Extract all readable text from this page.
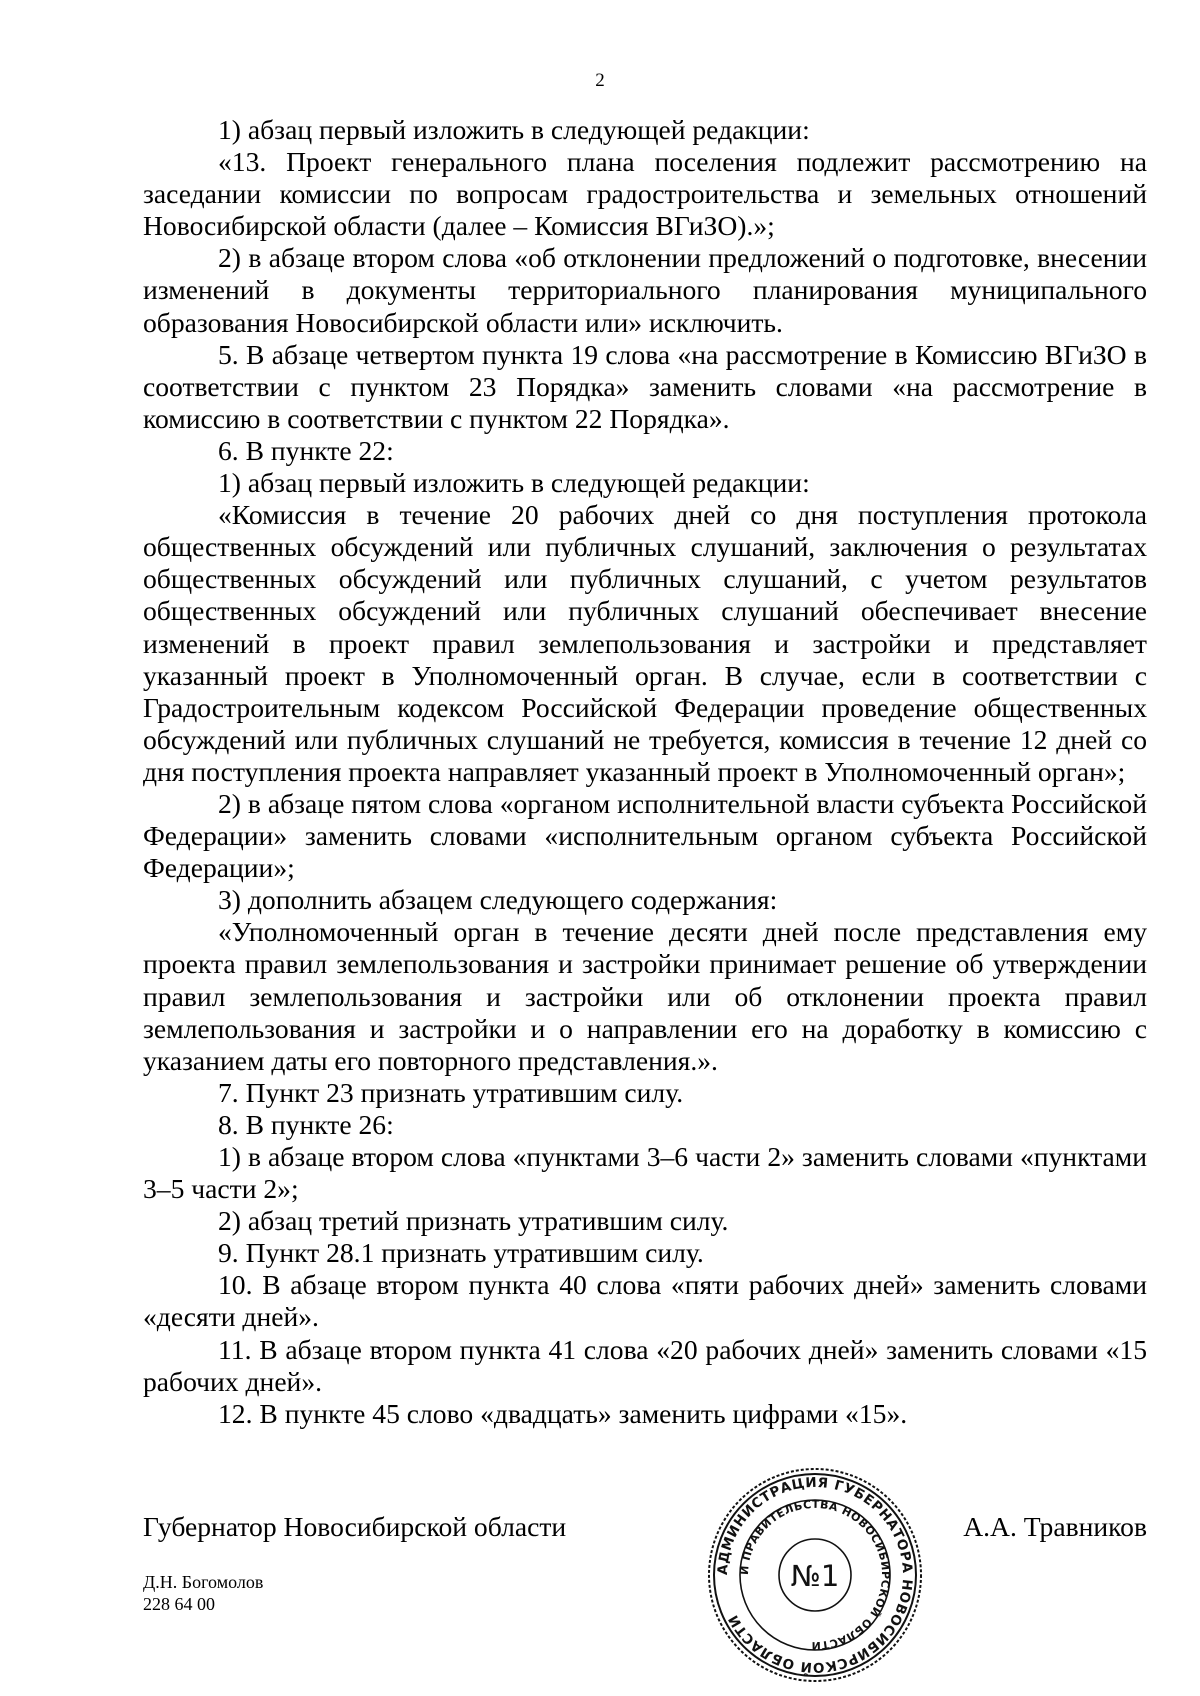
2

1) абзац первый изложить в следующей редакции:

«13. Проект генерального плана поселения подлежит рассмотрению на заседании комиссии по вопросам градостроительства и земельных отношений Новосибирской области (далее – Комиссия ВГиЗО).»;

2) в абзаце втором слова «об отклонении предложений о подготовке, внесении изменений в документы территориального планирования муниципального образования Новосибирской области или» исключить.

5. В абзаце четвертом пункта 19 слова «на рассмотрение в Комиссию ВГиЗО в соответствии с пунктом 23 Порядка» заменить словами «на рассмотрение в комиссию в соответствии с пунктом 22 Порядка».

6. В пункте 22:

1) абзац первый изложить в следующей редакции:

«Комиссия в течение 20 рабочих дней со дня поступления протокола общественных обсуждений или публичных слушаний, заключения о результатах общественных обсуждений или публичных слушаний, с учетом результатов общественных обсуждений или публичных слушаний обеспечивает внесение изменений в проект правил землепользования и застройки и представляет указанный проект в Уполномоченный орган. В случае, если в соответствии с Градостроительным кодексом Российской Федерации проведение общественных обсуждений или публичных слушаний не требуется, комиссия в течение 12 дней со дня поступления проекта направляет указанный проект в Уполномоченный орган»;

2) в абзаце пятом слова «органом исполнительной власти субъекта Российской Федерации» заменить словами «исполнительным органом субъекта Российской Федерации»;

3) дополнить абзацем следующего содержания:

«Уполномоченный орган в течение десяти дней после представления ему проекта правил землепользования и застройки принимает решение об утверждении правил землепользования и застройки или об отклонении проекта правил землепользования и застройки и о направлении его на доработку в комиссию с указанием даты его повторного представления.».

7. Пункт 23 признать утратившим силу.

8. В пункте 26:

1) в абзаце втором слова «пунктами 3–6 части 2» заменить словами «пунктами 3–5 части 2»;

2) абзац третий признать утратившим силу.

9. Пункт 28.1 признать утратившим силу.

10. В абзаце втором пункта 40 слова «пяти рабочих дней» заменить словами «десяти дней».

11. В абзаце втором пункта 41 слова «20 рабочих дней» заменить словами «15 рабочих дней».

12. В пункте 45 слово «двадцать» заменить цифрами «15».

Губернатор Новосибирской области	А.А. Травников
Д.Н. Богомолов
228 64 00
АДМИНИСТРАЦИЯ ГУБЕРНАТОРА НОВОСИБИРСКОЙ ОБЛАСТИ
И ПРАВИТЕЛЬСТВА НОВОСИБИРСКОЙ ОБЛАСТИ
№1
